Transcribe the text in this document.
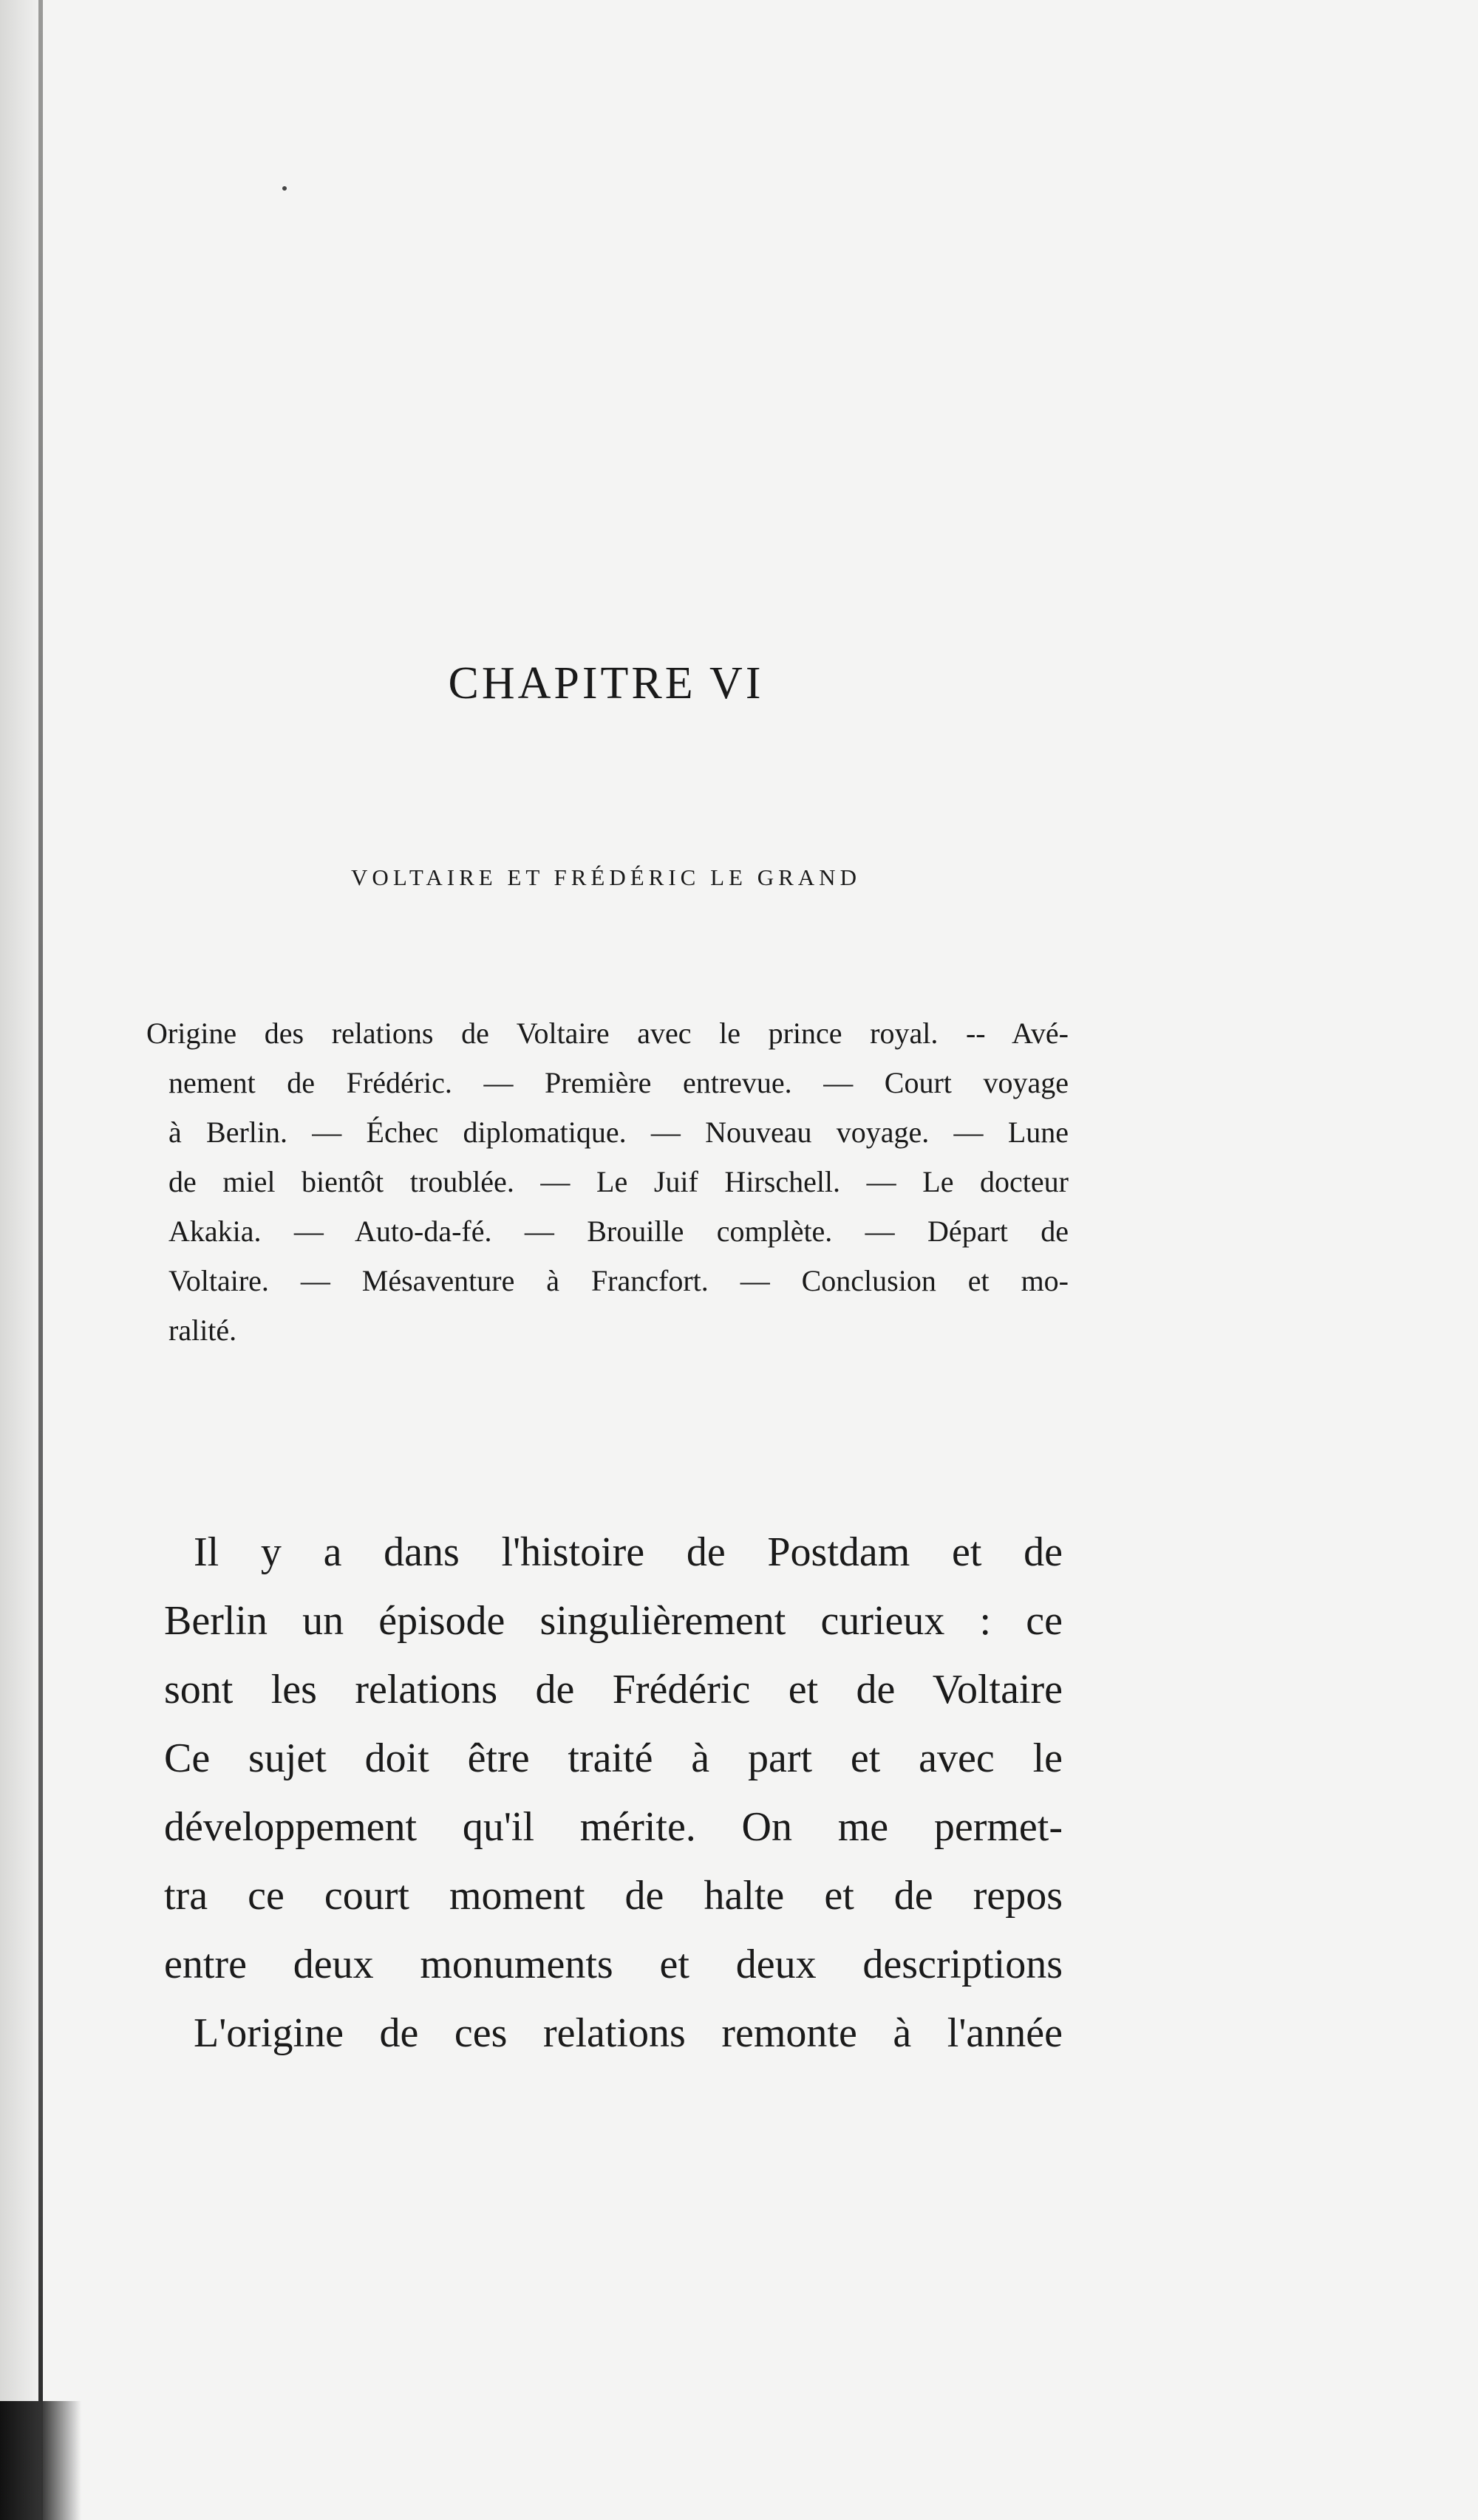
CHAPITRE VI
VOLTAIRE ET FRÉDÉRIC LE GRAND
Origine des relations de Voltaire avec le prince royal. -- Avé-
nement de Frédéric. — Première entrevue. — Court voyage
à Berlin. — Échec diplomatique. — Nouveau voyage. — Lune
de miel bientôt troublée. — Le Juif Hirschell. — Le docteur
Akakia. — Auto-da-fé. — Brouille complète. — Départ de
Voltaire. — Mésaventure à Francfort. — Conclusion et mo-
ralité.
Il y a dans l'histoire de Postdam et de
Berlin un épisode singulièrement curieux : ce
sont les relations de Frédéric et de Voltaire
Ce sujet doit être traité à part et avec le
développement qu'il mérite. On me permet-
tra ce court moment de halte et de repos
entre deux monuments et deux descriptions
L'origine de ces relations remonte à l'année
